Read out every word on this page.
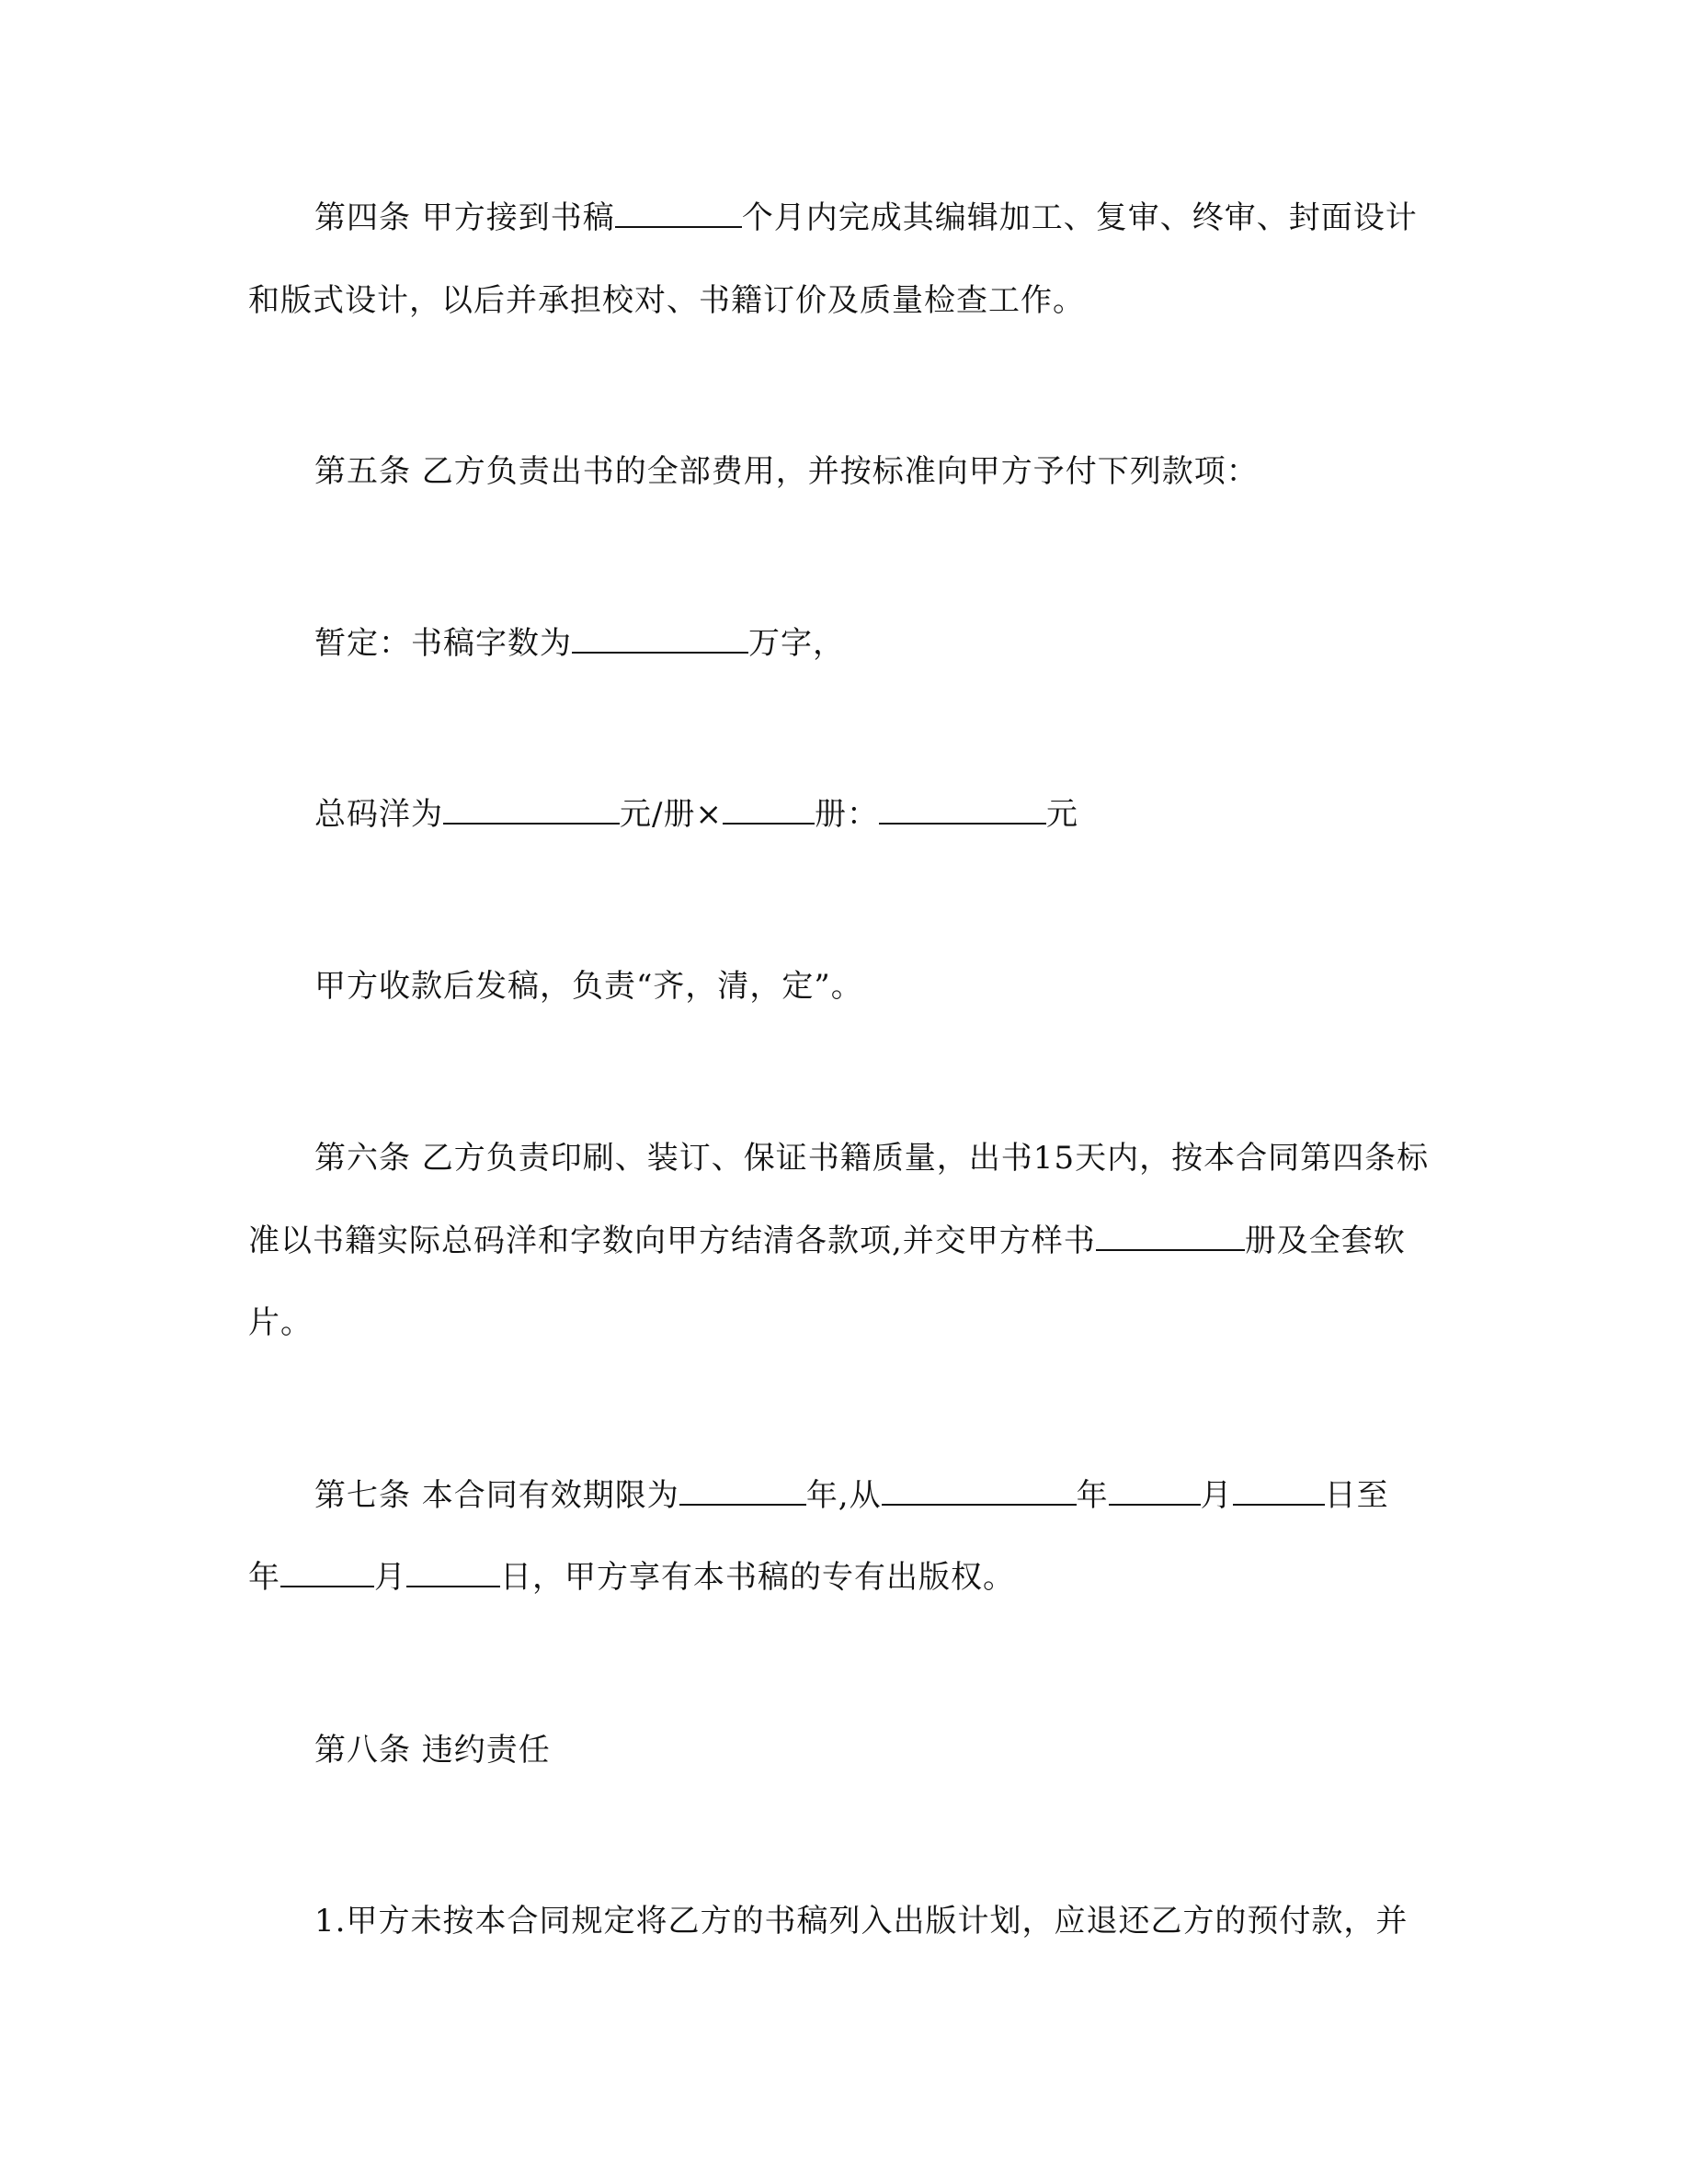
第四条 甲方接到书稿	个月内完成其编辑加工、复审、终审、封面设计
和版式设计，以后并承担校对、书籍订价及质量检查工作。
第五条 乙方负责出书的全部费用，并按标准向甲方予付下列款项：
暂定：书稿字数为	万字，
总码洋为	元/册×	册：	元
甲方收款后发稿，负责“齐，清，定”。
第六条 乙方负责印刷、装订、保证书籍质量，出书15天内，按本合同第四条标
准以书籍实际总码洋和字数向甲方结清各款项,并交甲方样书	册及全套软
片。
第七条 本合同有效期限为	年,从	年	月	日至
年	月	日，甲方享有本书稿的专有出版权。
第八条 违约责任
1.甲方未按本合同规定将乙方的书稿列入出版计划，应退还乙方的预付款，并
